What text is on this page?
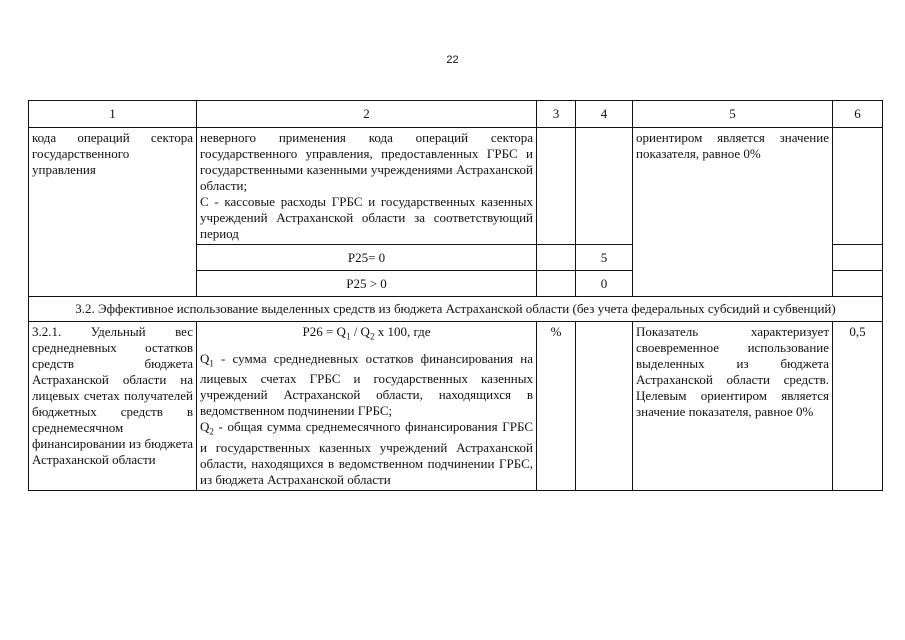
22
1	2	3	4	5	6
кода операций сектора государственного управления	неверного применения кода операций сектора государственного управления, предоставленных ГРБС и государственными казенными учреждениями Астраханской области;
С - кассовые расходы ГРБС и государственных казенных учреждений Астраханской области за соответствующий период			ориентиром является значение показателя, равное 0%	
	P25= 0		5		
	P25 > 0		0		
3.2. Эффективное использование выделенных средств из бюджета Астраханской области (без учета федеральных субсидий и субвенций)					
3.2.1. Удельный вес среднедневных остатков средств бюджета Астраханской области на лицевых счетах получателей бюджетных средств в среднемесячном финансировании из бюджета Астраханской области	$P26 = Q_1 / Q_2$ x 100, где
$Q_1$ - сумма среднедневных остатков финансирования на лицевых счетах ГРБС и государственных казенных учреждений Астраханской области, находящихся в ведомственном подчинении ГРБС;
$Q_2$ - общая сумма среднемесячного финансирования ГРБС и государственных казенных учреждений Астраханской области, находящихся в ведомственном подчинении ГРБС, из бюджета Астраханской области	%		Показатель характеризует своевременное использование выделенных из бюджета Астраханской области средств. Целевым ориентиром является значение показателя, равное 0%	0,5
